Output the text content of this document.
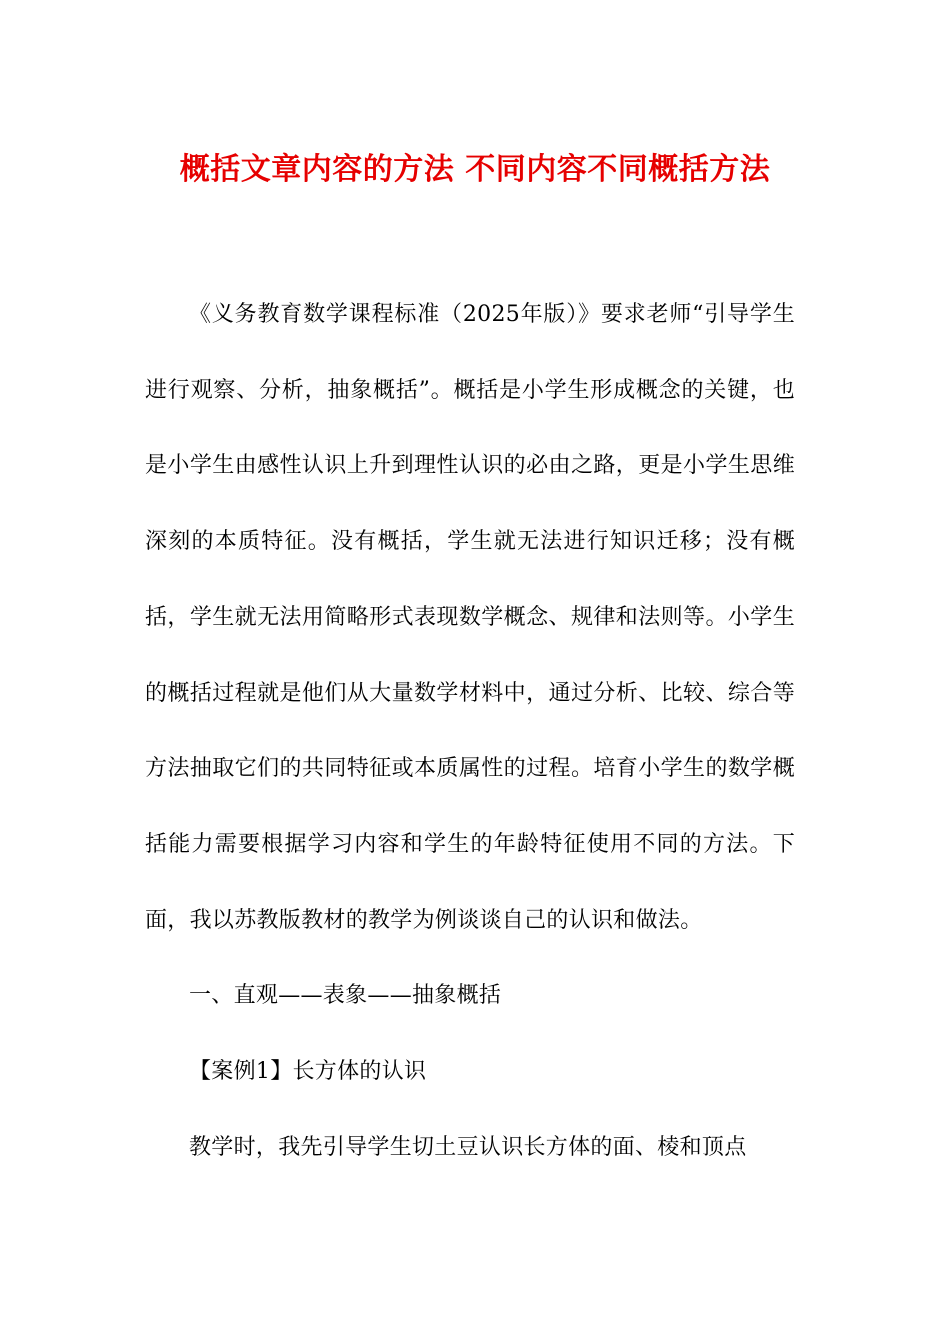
概括文章内容的方法 不同内容不同概括方法

《义务教育数学课程标准（2025年版）》要求老师“引导学生进行观察、分析，抽象概括”。概括是小学生形成概念的关键，也是小学生由感性认识上升到理性认识的必由之路，更是小学生思维深刻的本质特征。没有概括，学生就无法进行知识迁移；没有概括，学生就无法用简略形式表现数学概念、规律和法则等。小学生的概括过程就是他们从大量数学材料中，通过分析、比较、综合等方法抽取它们的共同特征或本质属性的过程。培育小学生的数学概括能力需要根据学习内容和学生的年龄特征使用不同的方法。下面，我以苏教版教材的教学为例谈谈自己的认识和做法。

一、直观——表象——抽象概括

【案例1】长方体的认识

教学时，我先引导学生切土豆认识长方体的面、棱和顶点
